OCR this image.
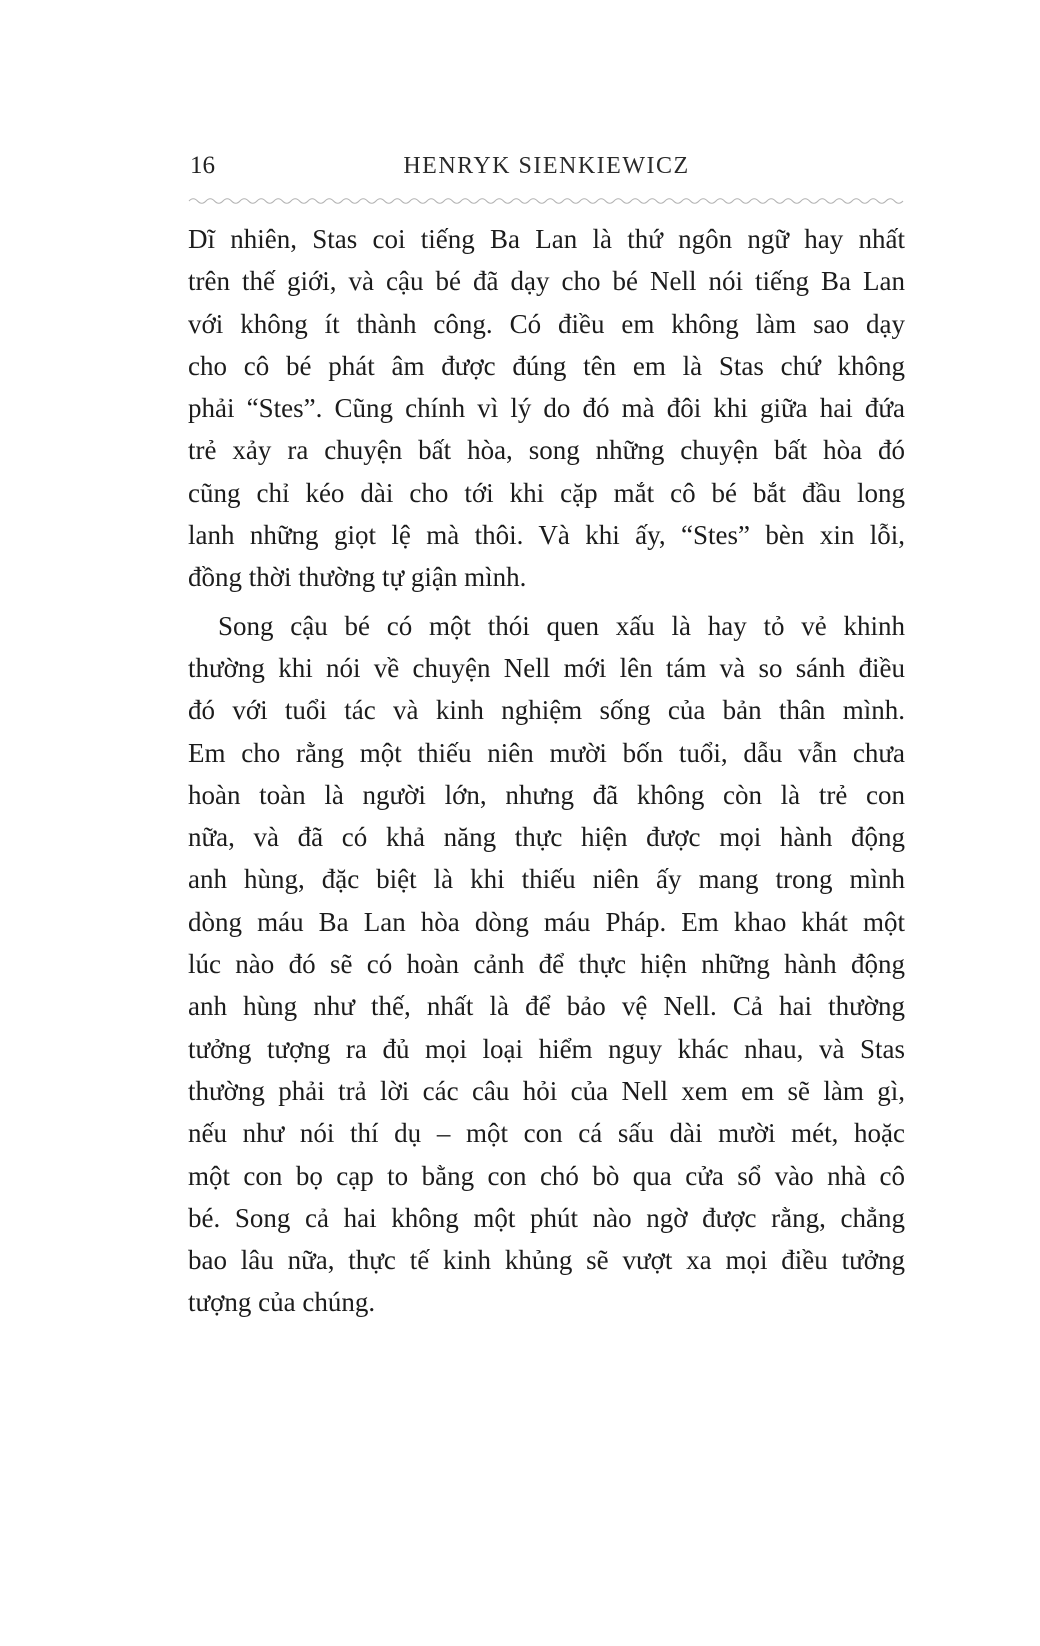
16	HENRYK SIENKIEWICZ
Dĩ nhiên, Stas coi tiếng Ba Lan là thứ ngôn ngữ hay nhất
trên thế giới, và cậu bé đã dạy cho bé Nell nói tiếng Ba Lan
với không ít thành công. Có điều em không làm sao dạy
cho cô bé phát âm được đúng tên em là Stas chứ không
phải “Stes”. Cũng chính vì lý do đó mà đôi khi giữa hai đứa
trẻ xảy ra chuyện bất hòa, song những chuyện bất hòa đó
cũng chỉ kéo dài cho tới khi cặp mắt cô bé bắt đầu long
lanh những giọt lệ mà thôi. Và khi ấy, “Stes” bèn xin lỗi,
đồng thời thường tự giận mình.
Song cậu bé có một thói quen xấu là hay tỏ vẻ khinh
thường khi nói về chuyện Nell mới lên tám và so sánh điều
đó với tuổi tác và kinh nghiệm sống của bản thân mình.
Em cho rằng một thiếu niên mười bốn tuổi, dẫu vẫn chưa
hoàn toàn là người lớn, nhưng đã không còn là trẻ con
nữa, và đã có khả năng thực hiện được mọi hành động
anh hùng, đặc biệt là khi thiếu niên ấy mang trong mình
dòng máu Ba Lan hòa dòng máu Pháp. Em khao khát một
lúc nào đó sẽ có hoàn cảnh để thực hiện những hành động
anh hùng như thế, nhất là để bảo vệ Nell. Cả hai thường
tưởng tượng ra đủ mọi loại hiểm nguy khác nhau, và Stas
thường phải trả lời các câu hỏi của Nell xem em sẽ làm gì,
nếu như nói thí dụ – một con cá sấu dài mười mét, hoặc
một con bọ cạp to bằng con chó bò qua cửa sổ vào nhà cô
bé. Song cả hai không một phút nào ngờ được rằng, chẳng
bao lâu nữa, thực tế kinh khủng sẽ vượt xa mọi điều tưởng
tượng của chúng.
